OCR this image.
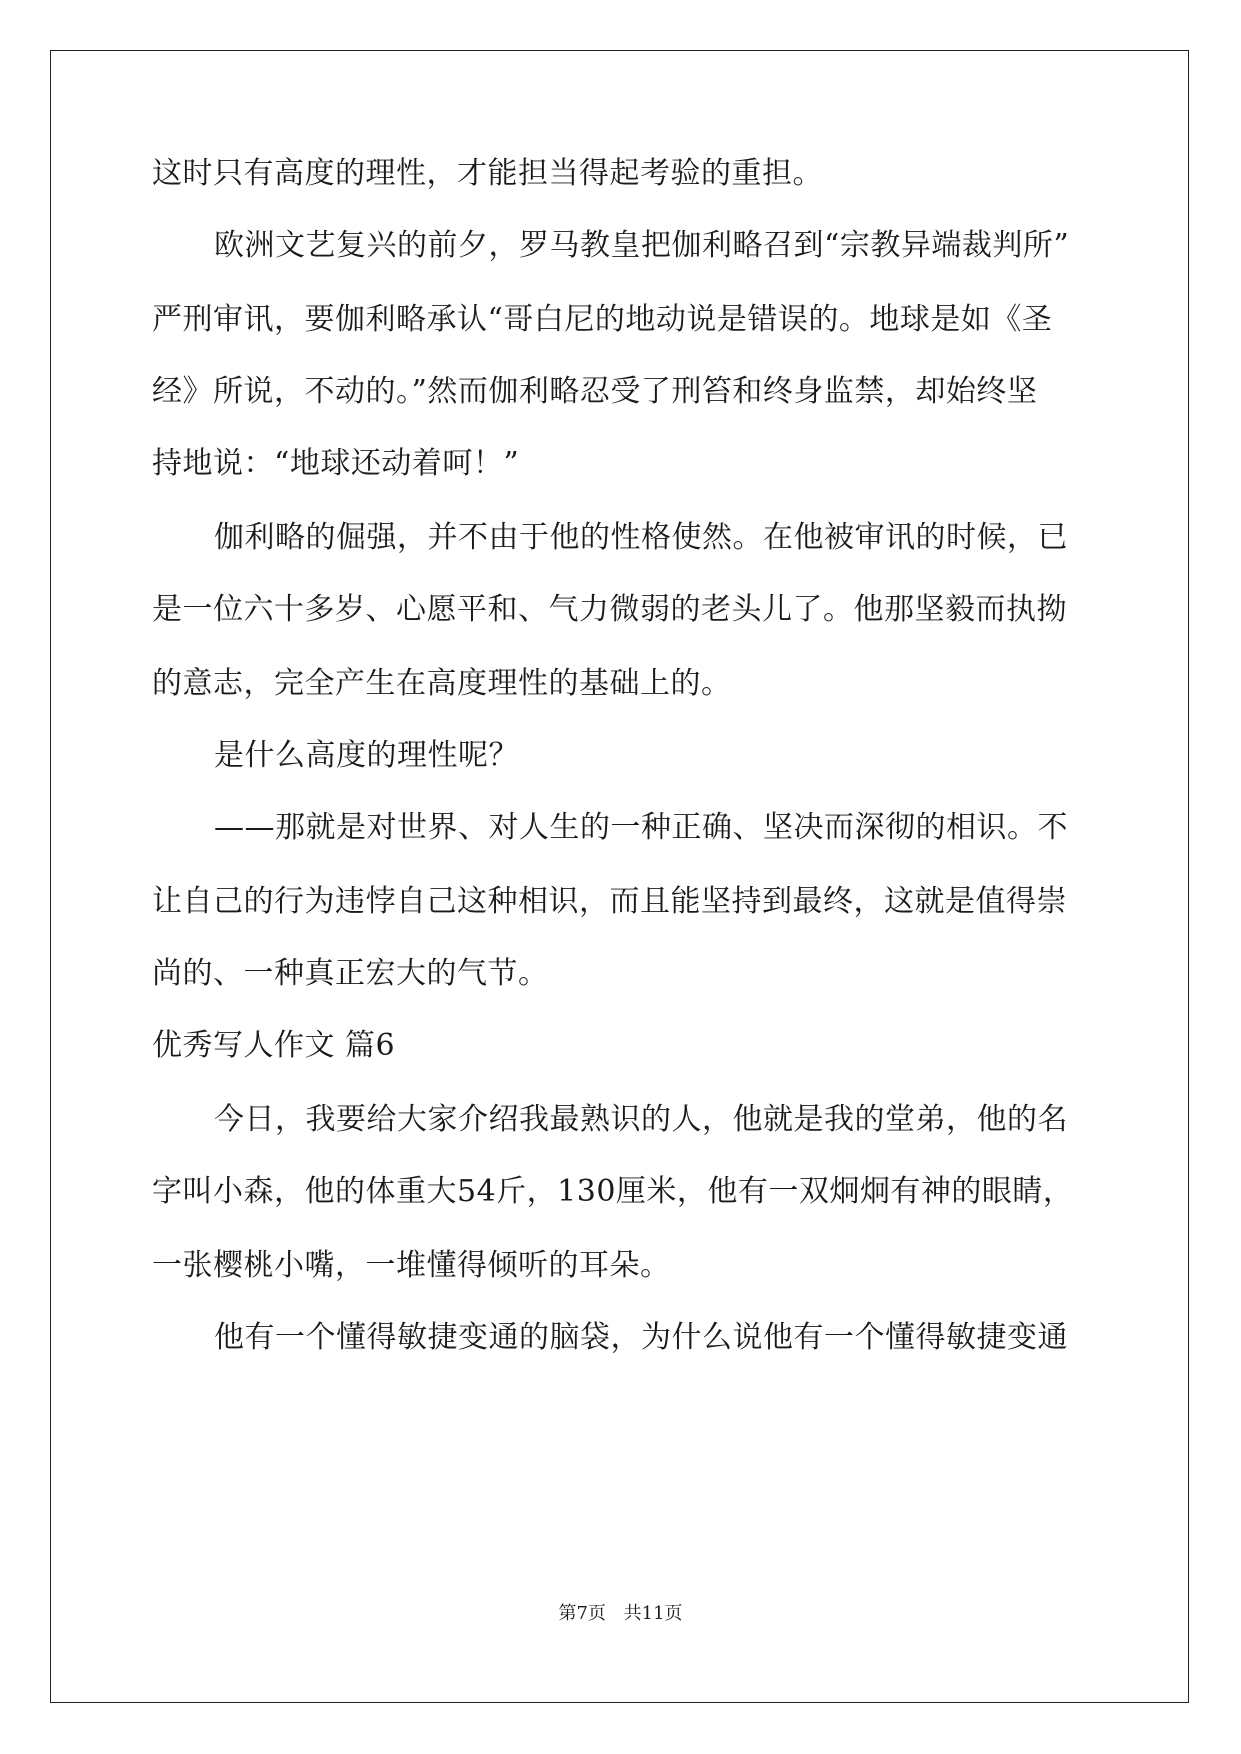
这时只有高度的理性，才能担当得起考验的重担。
欧洲文艺复兴的前夕，罗马教皇把伽利略召到“宗教异端裁判所”
严刑审讯，要伽利略承认“哥白尼的地动说是错误的。地球是如《圣
经》所说，不动的。”然而伽利略忍受了刑笞和终身监禁，却始终坚
持地说：“地球还动着呵！”
伽利略的倔强，并不由于他的性格使然。在他被审讯的时候，已
是一位六十多岁、心愿平和、气力微弱的老头儿了。他那坚毅而执拗
的意志，完全产生在高度理性的基础上的。
是什么高度的理性呢？
——那就是对世界、对人生的一种正确、坚决而深彻的相识。不
让自己的行为违悖自己这种相识，而且能坚持到最终，这就是值得崇
尚的、一种真正宏大的气节。
优秀写人作文 篇6
今日，我要给大家介绍我最熟识的人，他就是我的堂弟，他的名
字叫小森，他的体重大54斤，130厘米，他有一双炯炯有神的眼睛，
一张樱桃小嘴，一堆懂得倾听的耳朵。
他有一个懂得敏捷变通的脑袋，为什么说他有一个懂得敏捷变通
第7页 共11页
